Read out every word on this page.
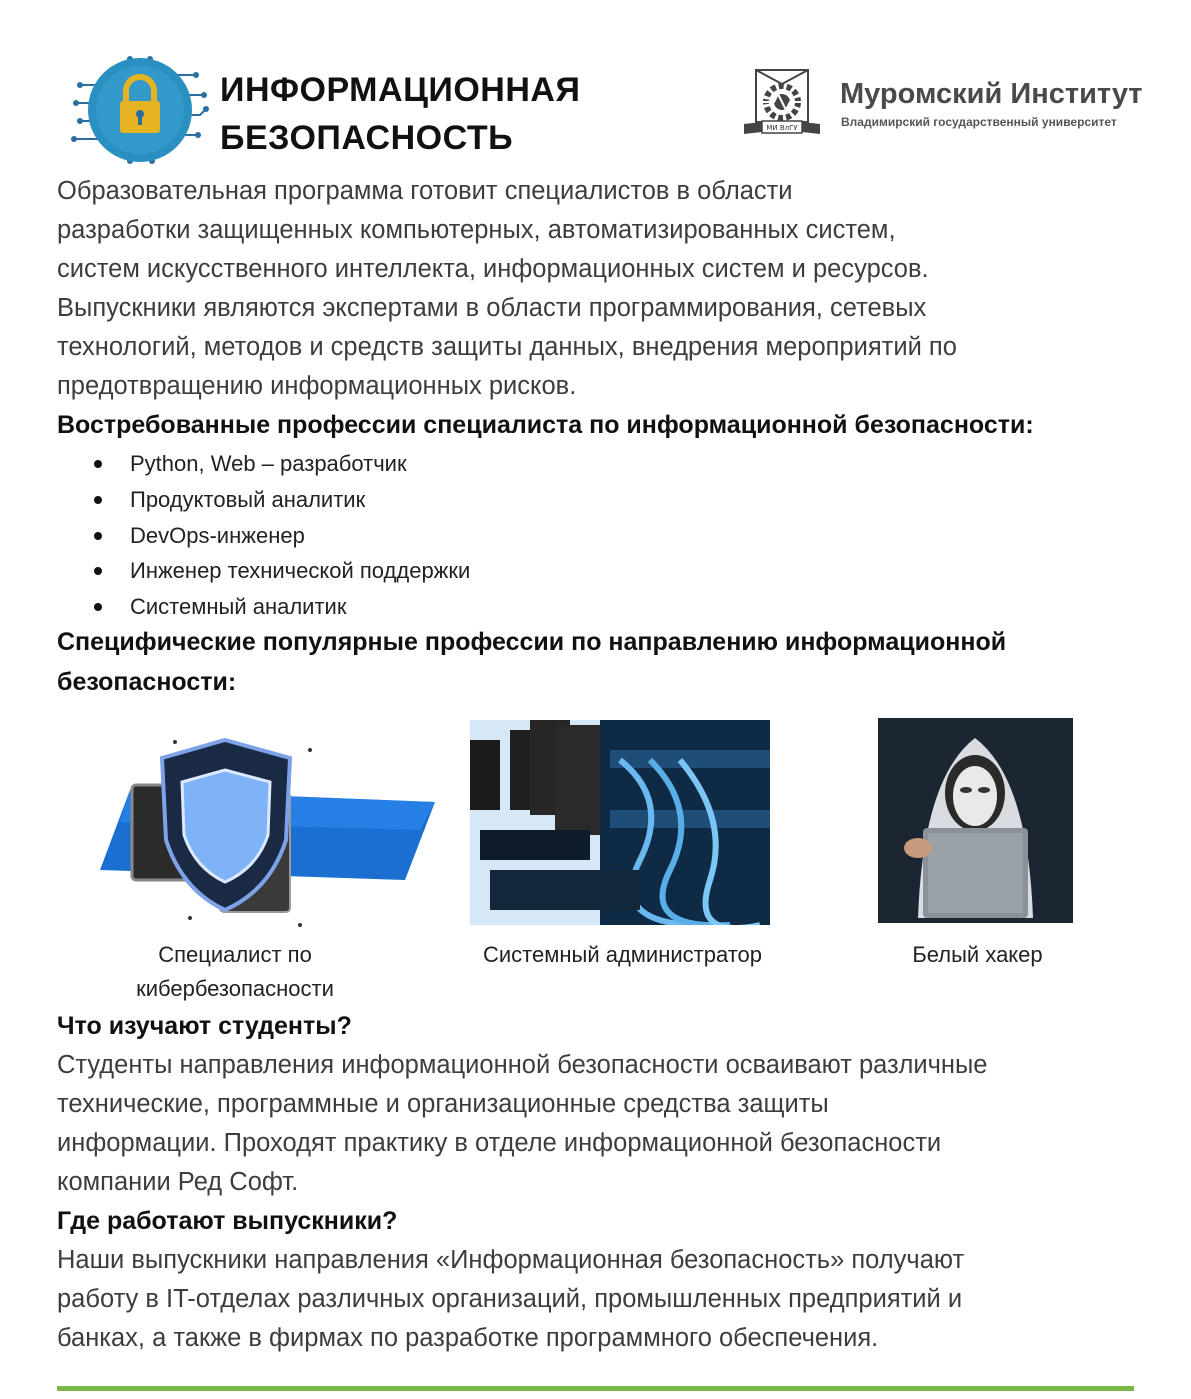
ИНФОРМАЦИОННАЯ
БЕЗОПАСНОСТЬ	МИ ВлГУ
Муромский Институт
Владимирский государственный университет
Образовательная программа готовит специалистов в области
разработки защищенных компьютерных, автоматизированных систем,
систем искусственного интеллекта, информационных систем и ресурсов.
Выпускники являются экспертами в области программирования, сетевых
технологий, методов и средств защиты данных, внедрения мероприятий по
предотвращению информационных рисков.
Востребованные профессии специалиста по информационной безопасности:
Python, Web – разработчик
Продуктовый аналитик
DevOps-инженер
Инженер технической поддержки
Системный аналитик
Специфические популярные профессии по направлению информационной
безопасности:
Специалист по
кибербезопасности
Системный администратор	Белый хакер
Что изучают студенты?
Студенты направления информационной безопасности осваивают различные
технические, программные и организационные средства защиты
информации. Проходят практику в отделе информационной безопасности
компании Ред Софт.
Где работают выпускники?
Наши выпускники направления «Информационная безопасность» получают
работу в IT-отделах различных организаций, промышленных предприятий и
банках, а также в фирмах по разработке программного обеспечения.
